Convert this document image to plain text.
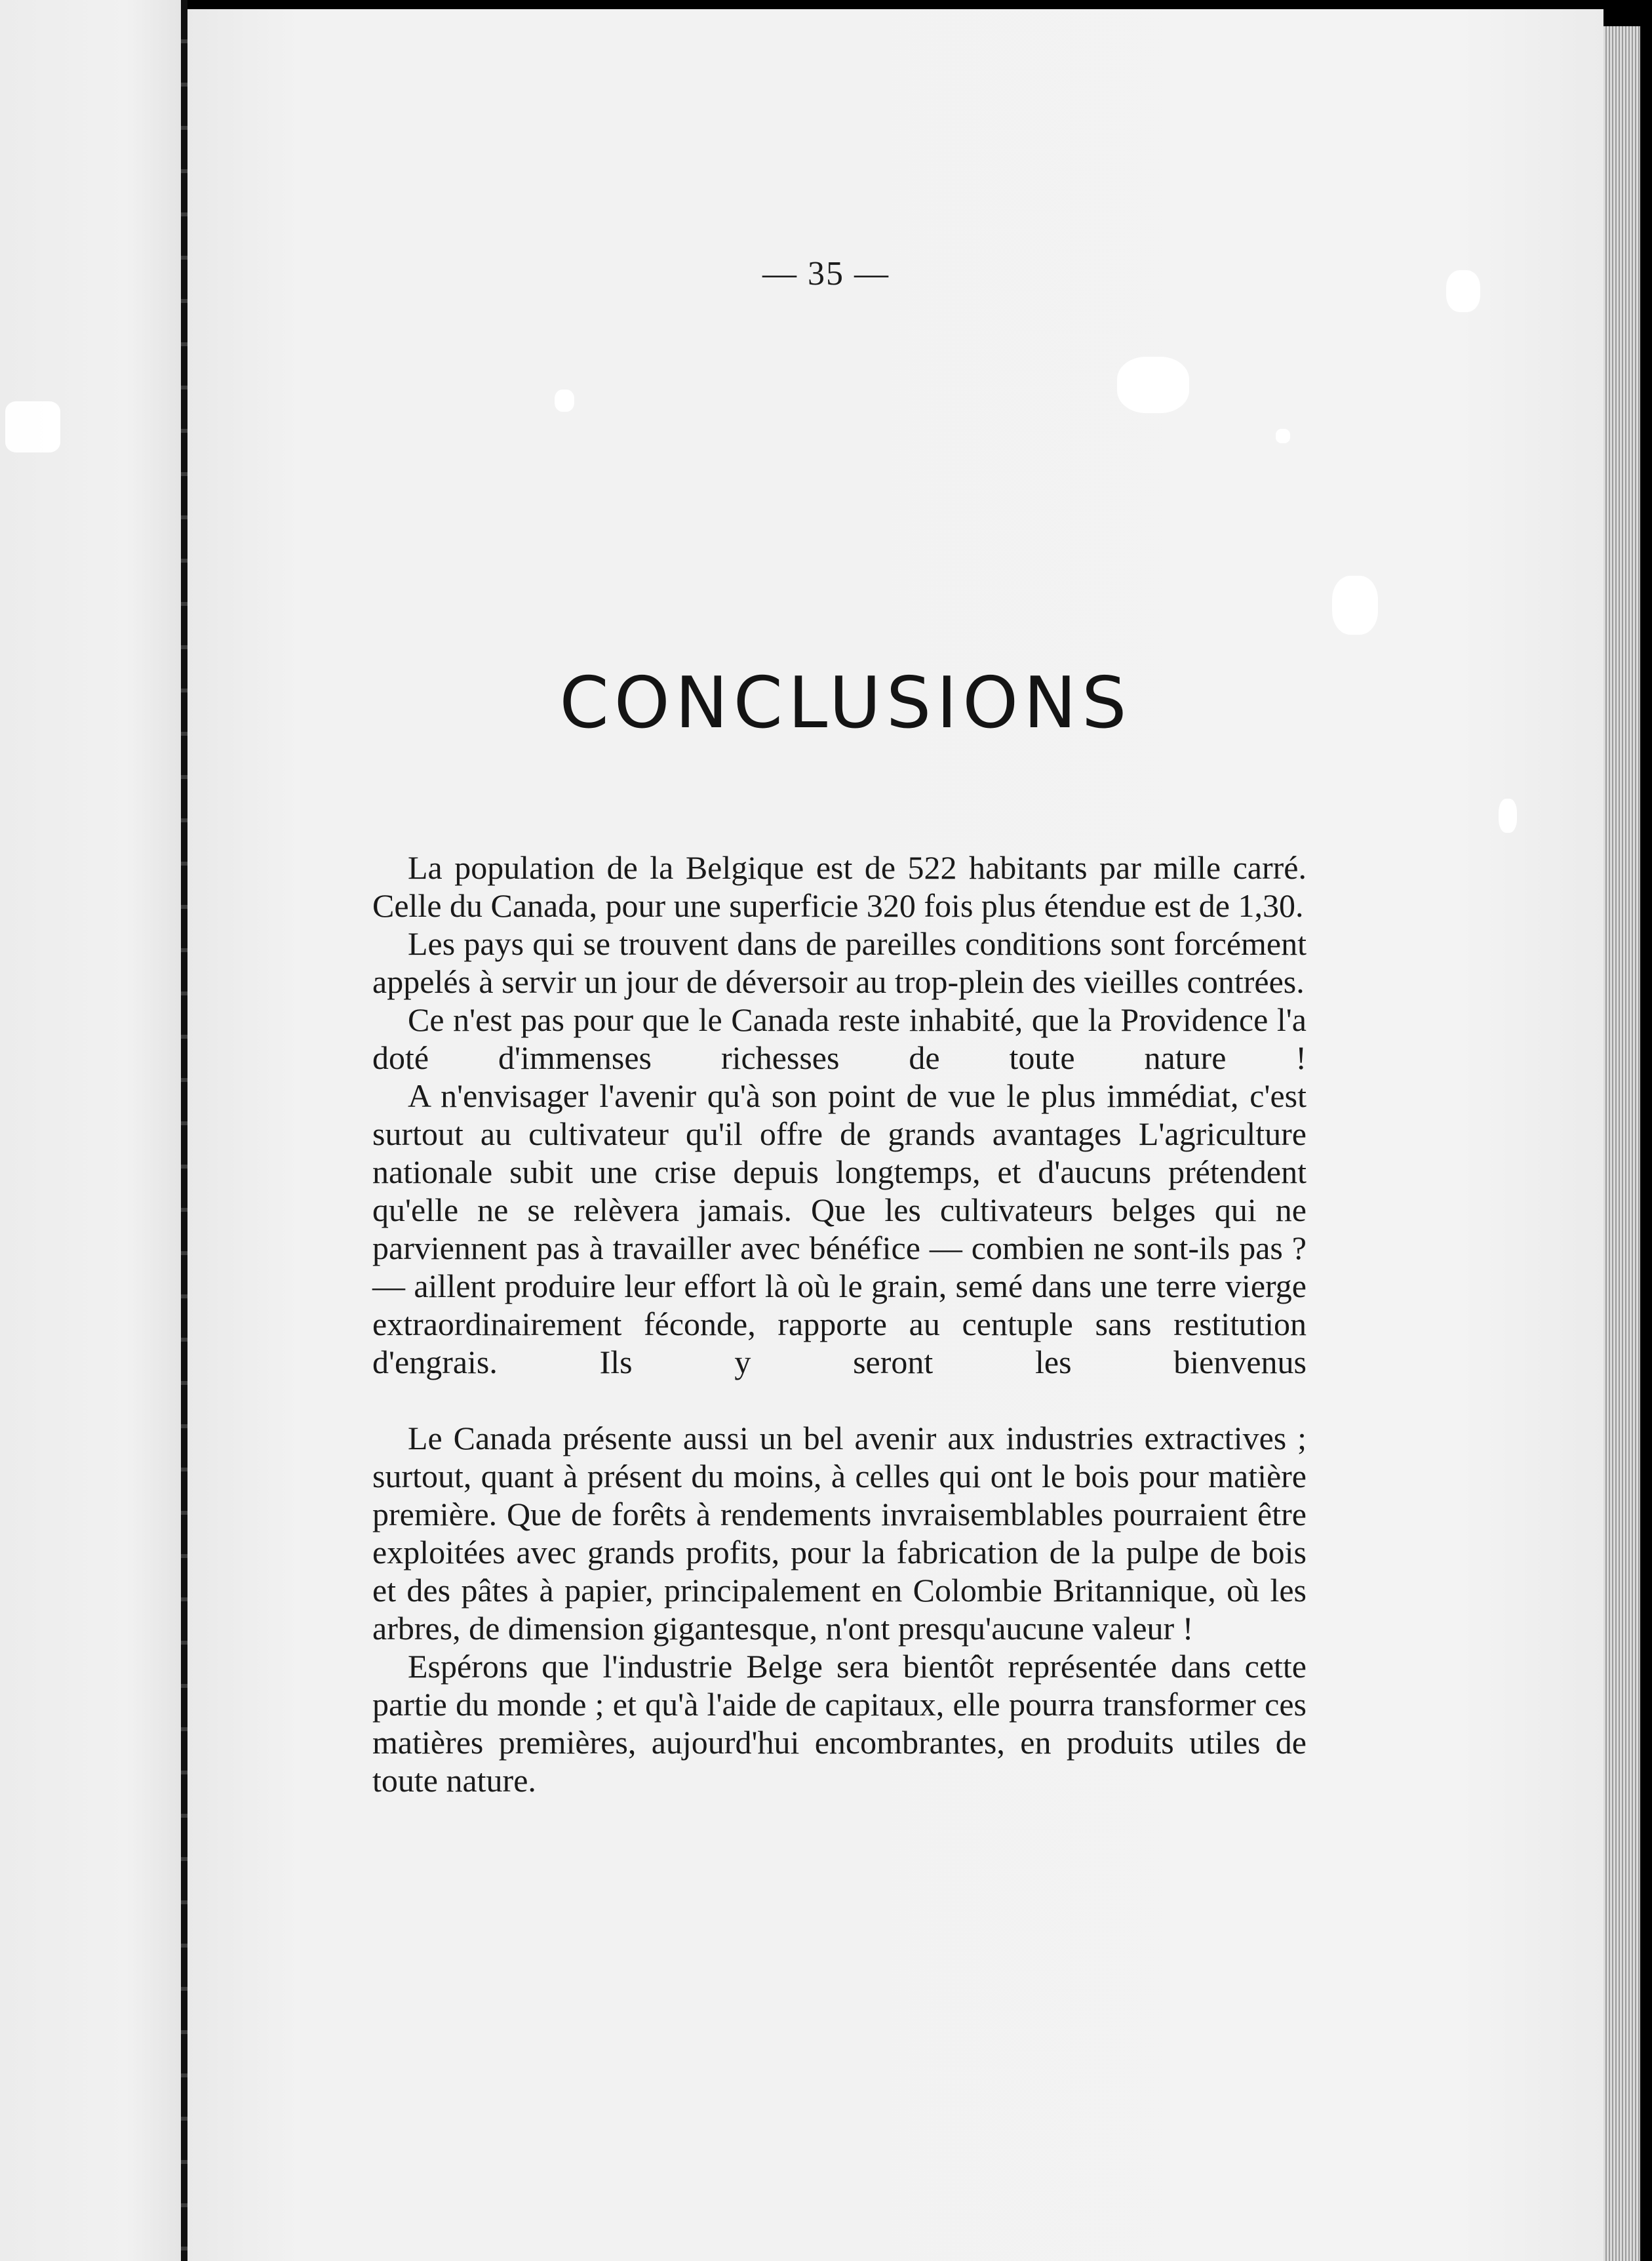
— 35 —
CONCLUSIONS

La population de la Belgique est de 522 habitants par mille carré. Celle du Canada, pour une superficie 320 fois plus étendue est de 1,30.

Les pays qui se trouvent dans de pareilles conditions sont forcément appelés à servir un jour de déversoir au trop-plein des vieilles contrées.

Ce n'est pas pour que le Canada reste inhabité, que la Providence l'a doté d'immenses richesses de toute nature !

A n'envisager l'avenir qu'à son point de vue le plus immédiat, c'est surtout au cultivateur qu'il offre de grands avantages L'agriculture nationale subit une crise depuis longtemps, et d'aucuns prétendent qu'elle ne se relèvera jamais. Que les cultivateurs belges qui ne parviennent pas à travailler avec bénéfice — combien ne sont-ils pas ? — aillent produire leur effort là où le grain, semé dans une terre vierge extraordinairement féconde, rapporte au centuple sans restitution d'engrais. Ils y seront les bienvenus

Le Canada présente aussi un bel avenir aux industries extractives ; surtout, quant à présent du moins, à celles qui ont le bois pour matière première. Que de forêts à rendements invraisemblables pourraient être exploitées avec grands profits, pour la fabrication de la pulpe de bois et des pâtes à papier, principalement en Colombie Britannique, où les arbres, de dimension gigantesque, n'ont presqu'aucune valeur !

Espérons que l'industrie Belge sera bientôt représentée dans cette partie du monde ; et qu'à l'aide de capitaux, elle pourra transformer ces matières premières, aujourd'hui encombrantes, en produits utiles de toute nature.
